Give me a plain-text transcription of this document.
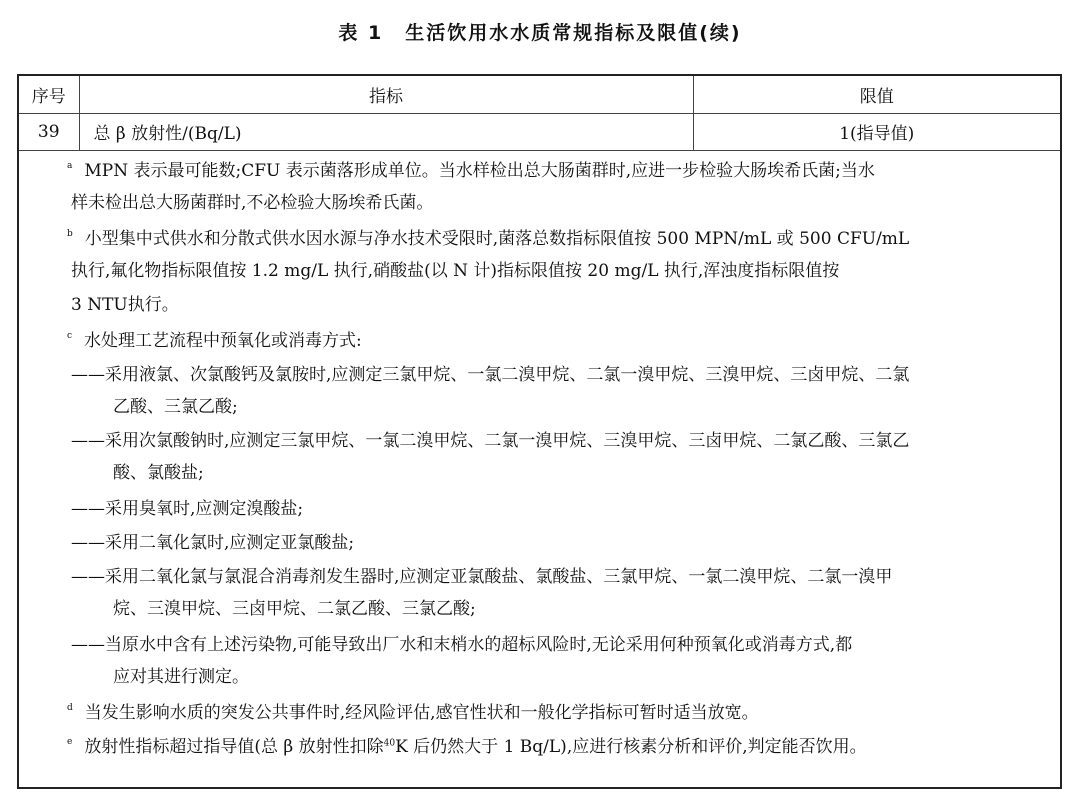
表 1 生活饮用水水质常规指标及限值(续)
序号	指标	限值
39	总 β 放射性/(Bq/L)	1(指导值)
$^a$ MPN 表示最可能数;CFU 表示菌落形成单位。当水样检出总大肠菌群时,应进一步检验大肠埃希氏菌;当水
样未检出总大肠菌群时,不必检验大肠埃希氏菌。
$^b$ 小型集中式供水和分散式供水因水源与净水技术受限时,菌落总数指标限值按 500 MPN/mL 或 500 CFU/mL
执行,氟化物指标限值按 1.2 mg/L 执行,硝酸盐(以 N 计)指标限值按 20 mg/L 执行,浑浊度指标限值按
3 NTU执行。
$^c$ 水处理工艺流程中预氧化或消毒方式:
——采用液氯、次氯酸钙及氯胺时,应测定三氯甲烷、一氯二溴甲烷、二氯一溴甲烷、三溴甲烷、三卤甲烷、二氯
乙酸、三氯乙酸;
——采用次氯酸钠时,应测定三氯甲烷、一氯二溴甲烷、二氯一溴甲烷、三溴甲烷、三卤甲烷、二氯乙酸、三氯乙
酸、氯酸盐;
——采用臭氧时,应测定溴酸盐;
——采用二氧化氯时,应测定亚氯酸盐;
——采用二氧化氯与氯混合消毒剂发生器时,应测定亚氯酸盐、氯酸盐、三氯甲烷、一氯二溴甲烷、二氯一溴甲
烷、三溴甲烷、三卤甲烷、二氯乙酸、三氯乙酸;
——当原水中含有上述污染物,可能导致出厂水和末梢水的超标风险时,无论采用何种预氧化或消毒方式,都
应对其进行测定。
$^d$ 当发生影响水质的突发公共事件时,经风险评估,感官性状和一般化学指标可暂时适当放宽。
$^e$ 放射性指标超过指导值(总 β 放射性扣除$^{40}$K 后仍然大于 1 Bq/L),应进行核素分析和评价,判定能否饮用。
